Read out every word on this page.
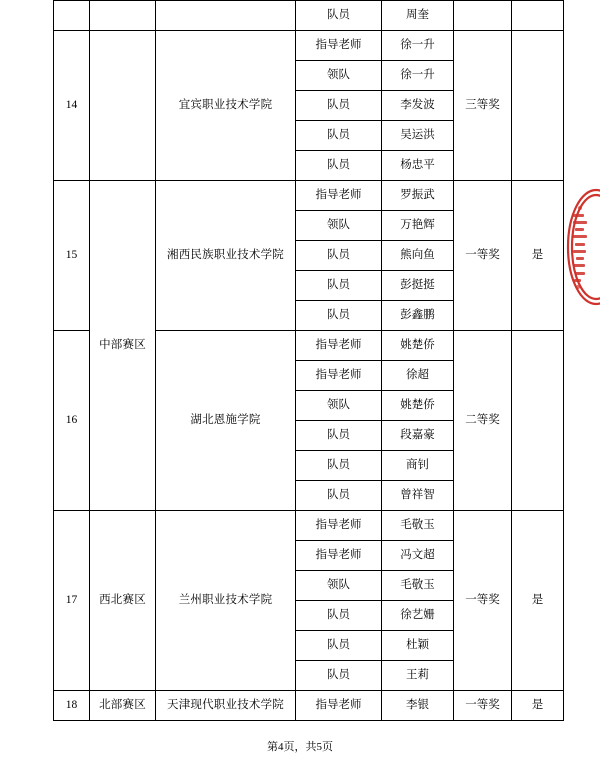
			队员	周奎		
14		宜宾职业技术学院	指导老师	徐一升	三等奖	
			领队	徐一升		
			队员	李发波		
			队员	吴运洪		
			队员	杨忠平		
15	中部赛区	湘西民族职业技术学院	指导老师	罗振武	一等奖	是
			领队	万艳辉		
			队员	熊向鱼		
			队员	彭挺挺		
			队员	彭鑫鹏		
16		湖北恩施学院	指导老师	姚楚侨	二等奖	
			指导老师	徐超		
			领队	姚楚侨		
			队员	段嘉豪		
			队员	商钊		
			队员	曾祥智		
17	西北赛区	兰州职业技术学院	指导老师	毛敬玉	一等奖	是
			指导老师	冯文超		
			领队	毛敬玉		
			队员	徐艺姗		
			队员	杜颖		
			队员	王莉		
18	北部赛区	天津现代职业技术学院	指导老师	李银	一等奖	是
第4页，共5页
